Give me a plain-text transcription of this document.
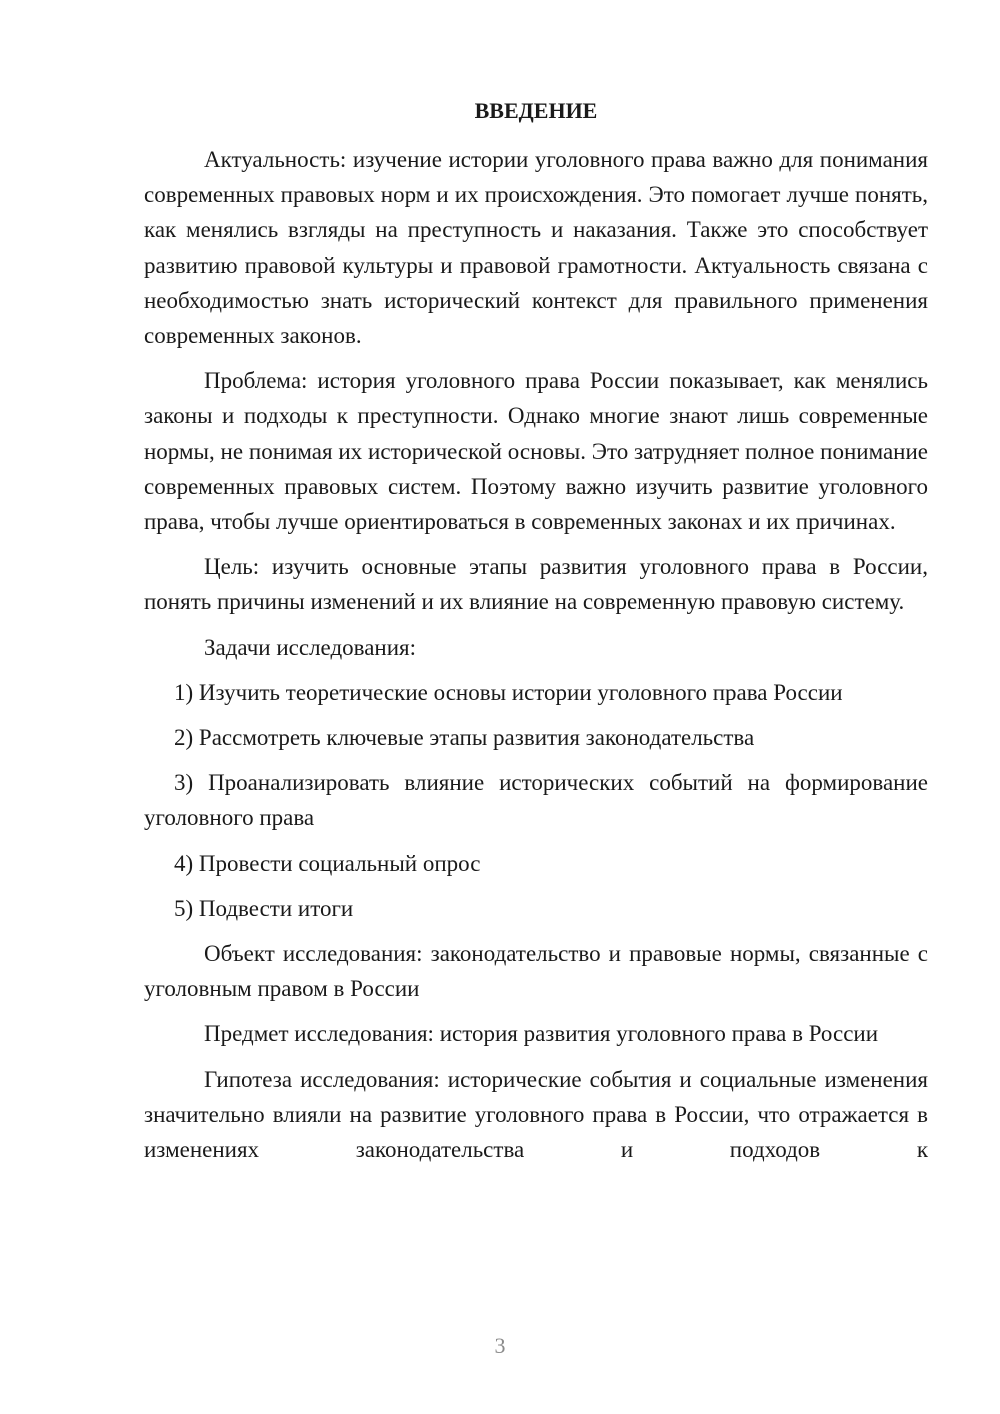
ВВЕДЕНИЕ

Актуальность: изучение истории уголовного права важно для понимания современных правовых норм и их происхождения. Это помогает лучше понять, как менялись взгляды на преступность и наказания. Также это способствует развитию правовой культуры и правовой грамотности. Актуальность связана с необходимостью знать исторический контекст для правильного применения современных законов.

Проблема: история уголовного права России показывает, как менялись законы и подходы к преступности. Однако многие знают лишь современные нормы, не понимая их исторической основы. Это затрудняет полное понимание современных правовых систем. Поэтому важно изучить развитие уголовного права, чтобы лучше ориентироваться в современных законах и их причинах.

Цель: изучить основные этапы развития уголовного права в России, понять причины изменений и их влияние на современную правовую систему.

Задачи исследования:

1) Изучить теоретические основы истории уголовного права России

2) Рассмотреть ключевые этапы развития законодательства

3) Проанализировать влияние исторических событий на формирование уголовного права

4) Провести социальный опрос

5) Подвести итоги

Объект исследования: законодательство и правовые нормы, связанные с уголовным правом в России

Предмет исследования: история развития уголовного права в России

Гипотеза исследования: исторические события и социальные изменения значительно влияли на развитие уголовного права в России, что отражается в изменениях законодательства и подходов к

3
